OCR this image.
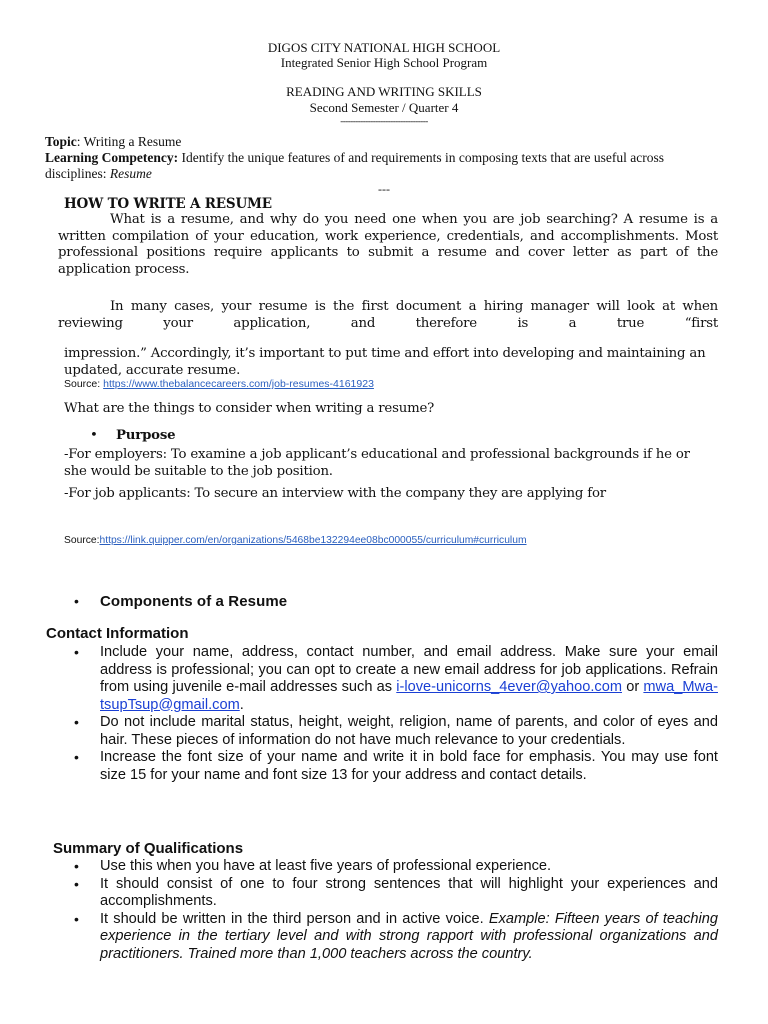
DIGOS CITY NATIONAL HIGH SCHOOL

Integrated Senior High School Program

READING AND WRITING SKILLS

Second Semester / Quarter 4

-----------------------------------

Topic: Writing a Resume

Learning Competency: Identify the unique features of and requirements in composing texts that are useful across disciplines: Resume

---

HOW TO WRITE A RESUME

What is a resume, and why do you need one when you are job searching? A resume is a written compilation of your education, work experience, credentials, and accomplishments. Most professional positions require applicants to submit a resume and cover letter as part of the application process.

In many cases, your resume is the first document a hiring manager will look at when reviewing your application, and therefore is a true “first

impression.” Accordingly, it’s important to put time and effort into developing and maintaining an updated, accurate resume.

Source: https://www.thebalancecareers.com/job-resumes-4161923

What are the things to consider when writing a resume?

• Purpose

-For employers: To examine a job applicant’s educational and professional backgrounds if he or she would be suitable to the job position.

-For job applicants: To secure an interview with the company they are applying for

Source:https://link.quipper.com/en/organizations/5468be132294ee08bc000055/curriculum#curriculum

• Components of a Resume

Contact Information

• Include your name, address, contact number, and email address. Make sure your email address is professional; you can opt to create a new email address for job applications. Refrain from using juvenile e-mail addresses such as i-love-unicorns_4ever@yahoo.com or mwa_Mwa-tsupTsup@gmail.com.
• Do not include marital status, height, weight, religion, name of parents, and color of eyes and hair. These pieces of information do not have much relevance to your credentials.
• Increase the font size of your name and write it in bold face for emphasis. You may use font size 15 for your name and font size 13 for your address and contact details.

Summary of Qualifications

• Use this when you have at least five years of professional experience.
• It should consist of one to four strong sentences that will highlight your experiences and accomplishments.
• It should be written in the third person and in active voice. Example: Fifteen years of teaching experience in the tertiary level and with strong rapport with professional organizations and practitioners. Trained more than 1,000 teachers across the country.
